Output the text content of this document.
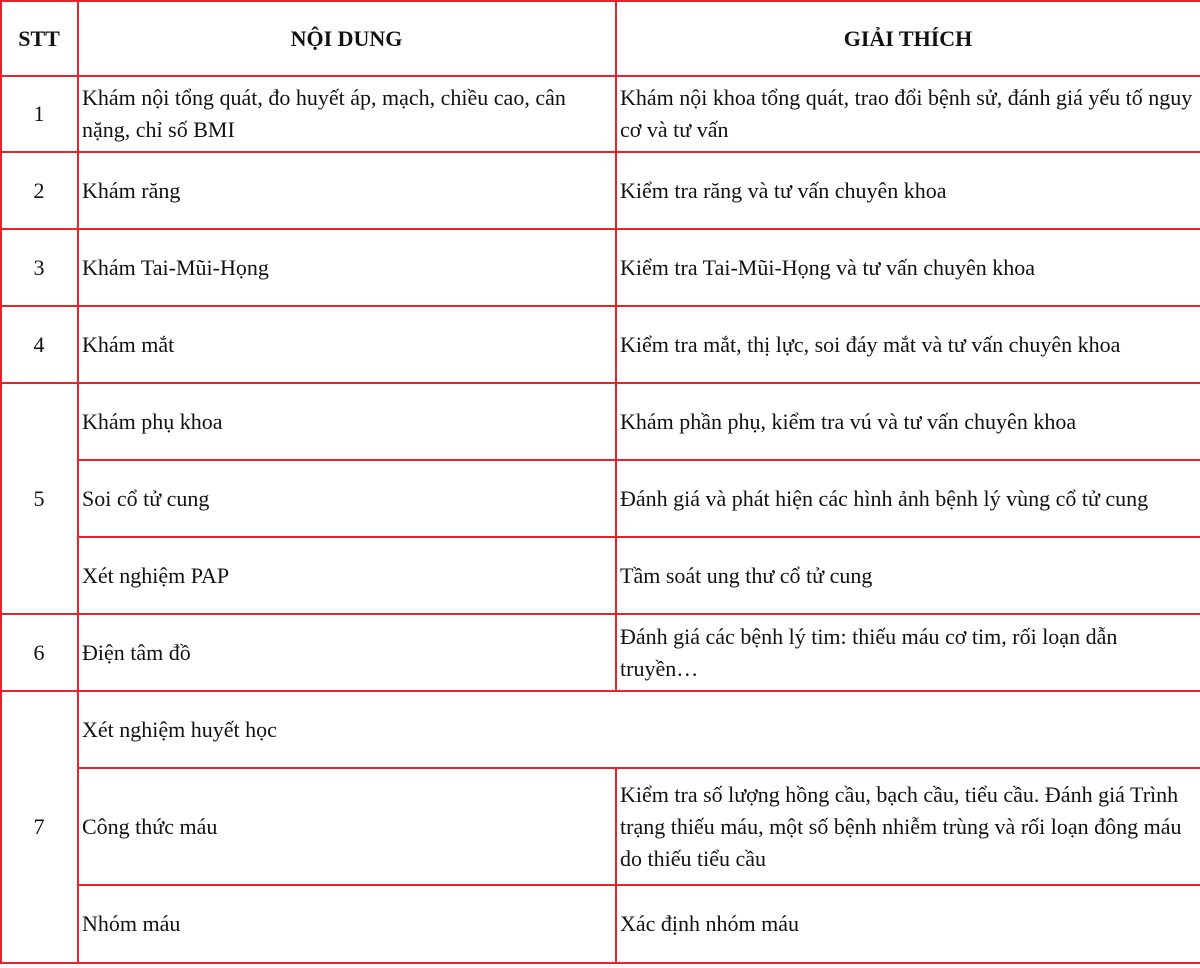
STT	NỘI DUNG	GIẢI THÍCH
1	Khám nội tổng quát, đo huyết áp, mạch, chiều cao, cân nặng, chỉ số BMI	Khám nội khoa tổng quát, trao đổi bệnh sử, đánh giá yếu tố nguy cơ và tư vấn
2	Khám răng	Kiểm tra răng và tư vấn chuyên khoa
3	Khám Tai-Mũi-Họng	Kiểm tra Tai-Mũi-Họng và tư vấn chuyên khoa
4	Khám mắt	Kiểm tra mắt, thị lực, soi đáy mắt và tư vấn chuyên khoa
5	Khám phụ khoa	Khám phần phụ, kiểm tra vú và tư vấn chuyên khoa
	Soi cổ tử cung	Đánh giá và phát hiện các hình ảnh bệnh lý vùng cổ tử cung
	Xét nghiệm PAP	Tầm soát ung thư cổ tử cung
6	Điện tâm đồ	Đánh giá các bệnh lý tim: thiếu máu cơ tim, rối loạn dẫn truyền…
7	Xét nghiệm huyết học	
	Công thức máu	Kiểm tra số lượng hồng cầu, bạch cầu, tiểu cầu. Đánh giá Trình trạng thiếu máu, một số bệnh nhiễm trùng và rối loạn đông máu do thiếu tiểu cầu
	Nhóm máu	Xác định nhóm máu
